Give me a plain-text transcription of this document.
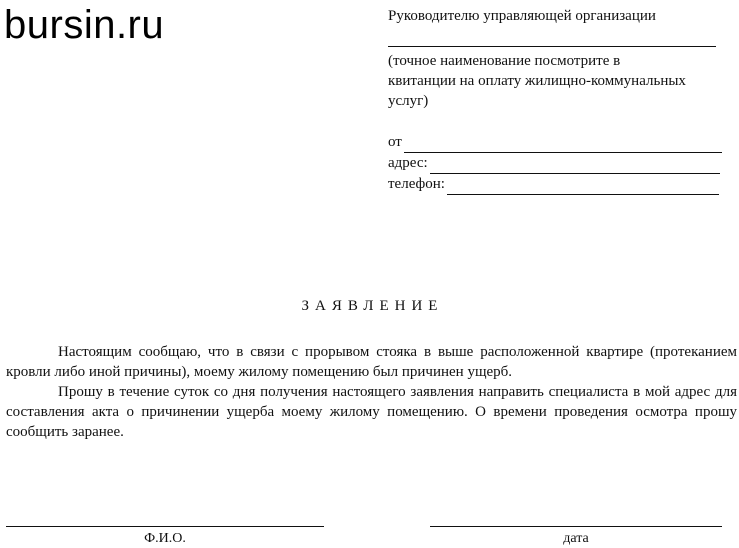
bursin.ru	Руководителю управляющей организации
(точное наименование посмотрите в квитанции на оплату жилищно-коммунальных услуг)
от
адрес:
телефон:
ЗАЯВЛЕНИЕ

Настоящим сообщаю, что в связи с прорывом стояка в выше расположенной квартире (протеканием кровли либо иной причины), моему жилому помещению был причинен ущерб.

Прошу в течение суток со дня получения настоящего заявления направить специалиста в мой адрес для составления акта о причинении ущерба моему жилому помещению. О времени проведения осмотра прошу сообщить заранее.

Ф.И.О.	дата
